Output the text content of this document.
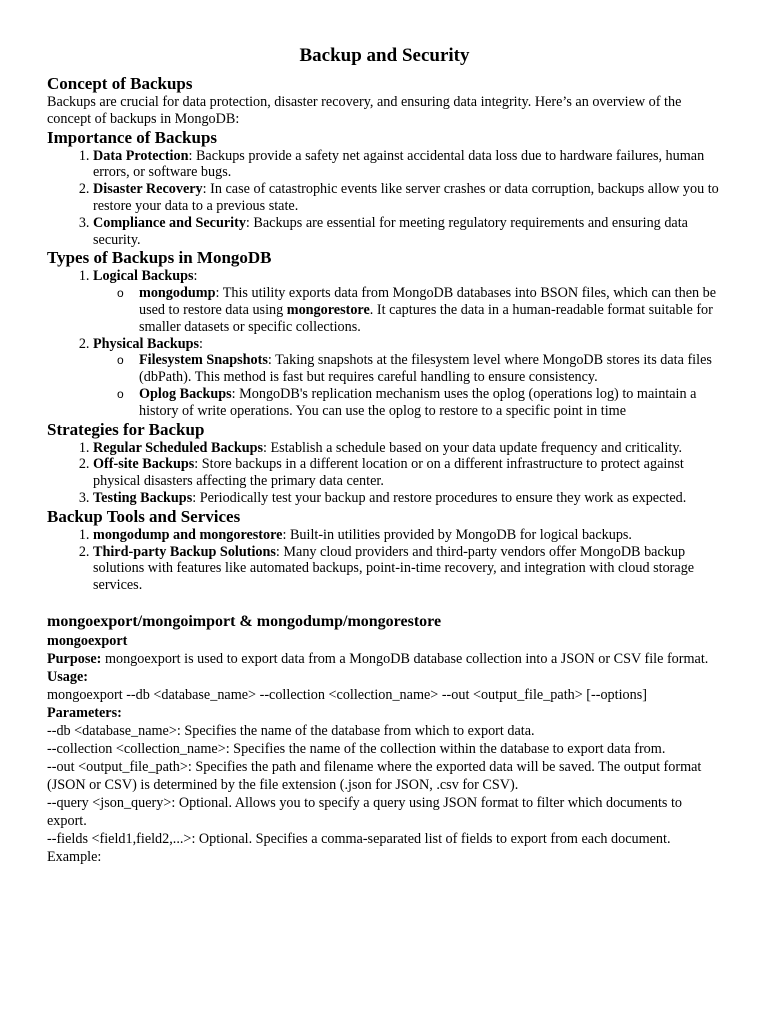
Backup and Security
Concept of Backups

Backups are crucial for data protection, disaster recovery, and ensuring data integrity. Here’s an overview of the concept of backups in MongoDB:

Importance of Backups
1. Data Protection: Backups provide a safety net against accidental data loss due to hardware failures, human errors, or software bugs.
2. Disaster Recovery: In case of catastrophic events like server crashes or data corruption, backups allow you to restore your data to a previous state.
3. Compliance and Security: Backups are essential for meeting regulatory requirements and ensuring data security.
Types of Backups in MongoDB
1. Logical Backups:
o mongodump: This utility exports data from MongoDB databases into BSON files, which can then be used to restore data using mongorestore. It captures the data in a human-readable format suitable for smaller datasets or specific collections.
2. Physical Backups:
o Filesystem Snapshots: Taking snapshots at the filesystem level where MongoDB stores its data files (dbPath). This method is fast but requires careful handling to ensure consistency.
o Oplog Backups: MongoDB's replication mechanism uses the oplog (operations log) to maintain a history of write operations. You can use the oplog to restore to a specific point in time
Strategies for Backup
1. Regular Scheduled Backups: Establish a schedule based on your data update frequency and criticality.
2. Off-site Backups: Store backups in a different location or on a different infrastructure to protect against physical disasters affecting the primary data center.
3. Testing Backups: Periodically test your backup and restore procedures to ensure they work as expected.
Backup Tools and Services
1. mongodump and mongorestore: Built-in utilities provided by MongoDB for logical backups.
2. Third-party Backup Solutions: Many cloud providers and third-party vendors offer MongoDB backup solutions with features like automated backups, point-in-time recovery, and integration with cloud storage services.
mongoexport/mongoimport & mongodump/mongorestore
mongoexport
Purpose: mongoexport is used to export data from a MongoDB database collection into a JSON or CSV file format.
Usage:
mongoexport --db <database_name> --collection <collection_name> --out <output_file_path> [--options]
Parameters:
--db <database_name>: Specifies the name of the database from which to export data.
--collection <collection_name>: Specifies the name of the collection within the database to export data from.
--out <output_file_path>: Specifies the path and filename where the exported data will be saved. The output format (JSON or CSV) is determined by the file extension (.json for JSON, .csv for CSV).
--query <json_query>: Optional. Allows you to specify a query using JSON format to filter which documents to export.
--fields <field1,field2,...>: Optional. Specifies a comma-separated list of fields to export from each document.
Example:
